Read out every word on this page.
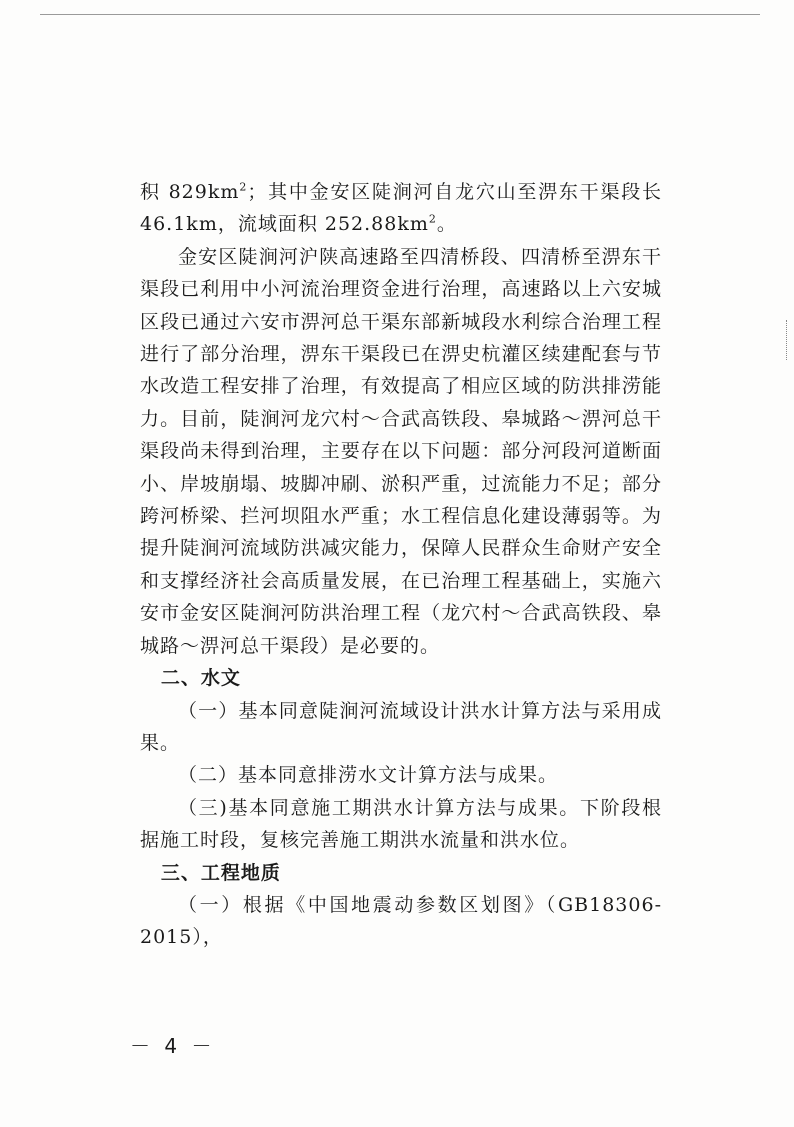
积 $829km^2$；其中金安区陡涧河自龙穴山至淠东干渠段长

46.1km，流域面积 $252.88km^2$。

金安区陡涧河沪陕高速路至四清桥段、四清桥至淠东干渠段已利用中小河流治理资金进行治理，高速路以上六安城区段已通过六安市淠河总干渠东部新城段水利综合治理工程进行了部分治理，淠东干渠段已在淠史杭灌区续建配套与节水改造工程安排了治理，有效提高了相应区域的防洪排涝能力。目前，陡涧河龙穴村～合武高铁段、皋城路～淠河总干渠段尚未得到治理，主要存在以下问题：部分河段河道断面小、岸坡崩塌、坡脚冲刷、淤积严重，过流能力不足；部分跨河桥梁、拦河坝阻水严重；水工程信息化建设薄弱等。为提升陡涧河流域防洪减灾能力，保障人民群众生命财产安全和支撑经济社会高质量发展，在已治理工程基础上，实施六安市金安区陡涧河防洪治理工程（龙穴村～合武高铁段、皋城路～淠河总干渠段）是必要的。

二、水文

（一）基本同意陡涧河流域设计洪水计算方法与采用成果。

（二）基本同意排涝水文计算方法与成果。

（三)基本同意施工期洪水计算方法与成果。下阶段根据施工时段，复核完善施工期洪水流量和洪水位。

三、工程地质

（一）根据《中国地震动参数区划图》（GB18306-2015），

－ 4 －
